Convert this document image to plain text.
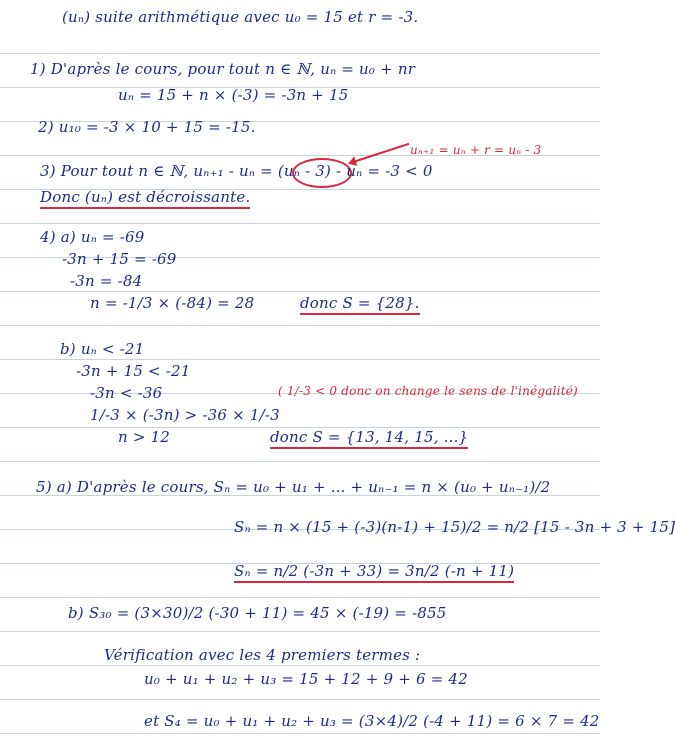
(uₙ) suite arithmétique avec u₀ = 15 et r = -3.
1) D'après le cours, pour tout n ∈ ℕ, uₙ = u₀ + nr
uₙ = 15 + n × (-3) = -3n + 15
2) u₁₀ = -3 × 10 + 15 = -15.
uₙ₊₁ = uₙ + r = uₙ - 3
3) Pour tout n ∈ ℕ, uₙ₊₁ - uₙ = (uₙ - 3) - uₙ = -3 < 0
Donc (uₙ) est décroissante.
4) a) uₙ = -69
-3n + 15 = -69
-3n = -84
n = -1/3 × (-84) = 28	donc S = {28}.
b) uₙ < -21
-3n + 15 < -21
-3n < -36	( 1/-3 < 0 donc on change le sens de l'inégalité)
1/-3 × (-3n) > -36 × 1/-3
n > 12	donc S = {13, 14, 15, ...}
5) a) D'après le cours, Sₙ = u₀ + u₁ + ... + uₙ₋₁ = n × (u₀ + uₙ₋₁)/2
Sₙ = n × (15 + (-3)(n-1) + 15)/2 = n/2 [15 - 3n + 3 + 15]
Sₙ = n/2 (-3n + 33) = 3n/2 (-n + 11)
b) S₃₀ = (3×30)/2 (-30 + 11) = 45 × (-19) = -855
Vérification avec les 4 premiers termes :
u₀ + u₁ + u₂ + u₃ = 15 + 12 + 9 + 6 = 42
et S₄ = u₀ + u₁ + u₂ + u₃ = (3×4)/2 (-4 + 11) = 6 × 7 = 42
